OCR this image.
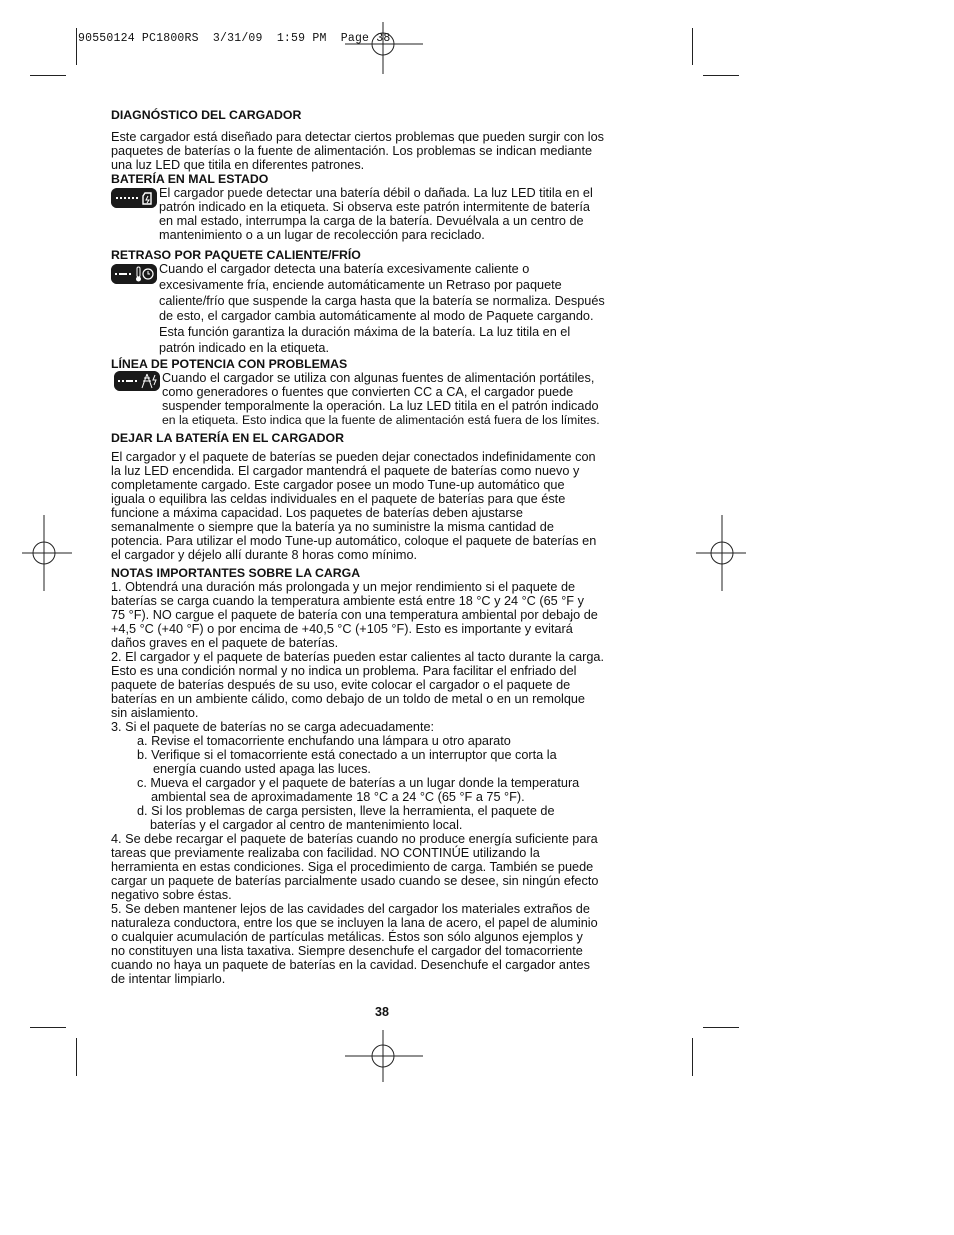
90550124 PC1800RS  3/31/09  1:59 PM  Page 38

DIAGNÓSTICO DEL CARGADOR

Este cargador está diseñado para detectar ciertos problemas que pueden surgir con los

paquetes de baterías o la fuente de alimentación. Los problemas se indican mediante

una luz LED que titila en diferentes patrones.

BATERÍA EN MAL ESTADO

El cargador puede detectar una batería débil o dañada. La luz LED titila en el

patrón indicado en la etiqueta. Si observa este patrón intermitente de batería

en mal estado, interrumpa la carga de la batería. Devuélvala a un centro de

mantenimiento o a un lugar de recolección para reciclado.

RETRASO POR PAQUETE CALIENTE/FRÍO

Cuando el cargador detecta una batería excesivamente caliente o

excesivamente fría, enciende automáticamente un Retraso por paquete

caliente/frío que suspende la carga hasta que la batería se normaliza. Después

de esto, el cargador cambia automáticamente al modo de Paquete cargando.

Esta función garantiza la duración máxima de la batería. La luz titila en el

patrón indicado en la etiqueta.

LÍNEA DE POTENCIA CON PROBLEMAS

Cuando el cargador se utiliza con algunas fuentes de alimentación portátiles,

como generadores o fuentes que convierten CC a CA, el cargador puede

suspender temporalmente la operación. La luz LED titila en el patrón indicado

en la etiqueta. Esto indica que la fuente de alimentación está fuera de los límites.

DEJAR LA BATERÍA EN EL CARGADOR

El cargador y el paquete de baterías se pueden dejar conectados indefinidamente con

la luz LED encendida. El cargador mantendrá el paquete de baterías como nuevo y

completamente cargado. Este cargador posee un modo Tune-up automático que

iguala o equilibra las celdas individuales en el paquete de baterías para que éste

funcione a máxima capacidad. Los paquetes de baterías deben ajustarse

semanalmente o siempre que la batería ya no suministre la misma cantidad de

potencia. Para utilizar el modo Tune-up automático, coloque el paquete de baterías en

el cargador y déjelo allí durante 8 horas como mínimo.

NOTAS IMPORTANTES SOBRE LA CARGA

1. Obtendrá una duración más prolongada y un mejor rendimiento si el paquete de

baterías se carga cuando la temperatura ambiente está entre 18 °C y 24 °C (65 °F y

75 °F). NO cargue el paquete de batería con una temperatura ambiental por debajo de

+4,5 °C (+40 °F) o por encima de +40,5 °C (+105 °F). Esto es importante y evitará

daños graves en el paquete de baterías.

2. El cargador y el paquete de baterías pueden estar calientes al tacto durante la carga.

Esto es una condición normal y no indica un problema. Para facilitar el enfriado del

paquete de baterías después de su uso, evite colocar el cargador o el paquete de

baterías en un ambiente cálido, como debajo de un toldo de metal o en un remolque

sin aislamiento.

3. Si el paquete de baterías no se carga adecuadamente:

a. Revise el tomacorriente enchufando una lámpara u otro aparato

b. Verifique si el tomacorriente está conectado a un interruptor que corta la

energía cuando usted apaga las luces.

c. Mueva el cargador y el paquete de baterías a un lugar donde la temperatura

ambiental sea de aproximadamente 18 °C a 24 °C (65 °F a 75 °F).

d. Si los problemas de carga persisten, lleve la herramienta, el paquete de

baterías y el cargador al centro de mantenimiento local.

4. Se debe recargar el paquete de baterías cuando no produce energía suficiente para

tareas que previamente realizaba con facilidad. NO CONTINÚE utilizando la

herramienta en estas condiciones. Siga el procedimiento de carga. También se puede

cargar un paquete de baterías parcialmente usado cuando se desee, sin ningún efecto

negativo sobre éstas.

5. Se deben mantener lejos de las cavidades del cargador los materiales extraños de

naturaleza conductora, entre los que se incluyen la lana de acero, el papel de aluminio

o cualquier acumulación de partículas metálicas. Éstos son sólo algunos ejemplos y

no constituyen una lista taxativa. Siempre desenchufe el cargador del tomacorriente

cuando no haya un paquete de baterías en la cavidad. Desenchufe el cargador antes

de intentar limpiarlo.

38
